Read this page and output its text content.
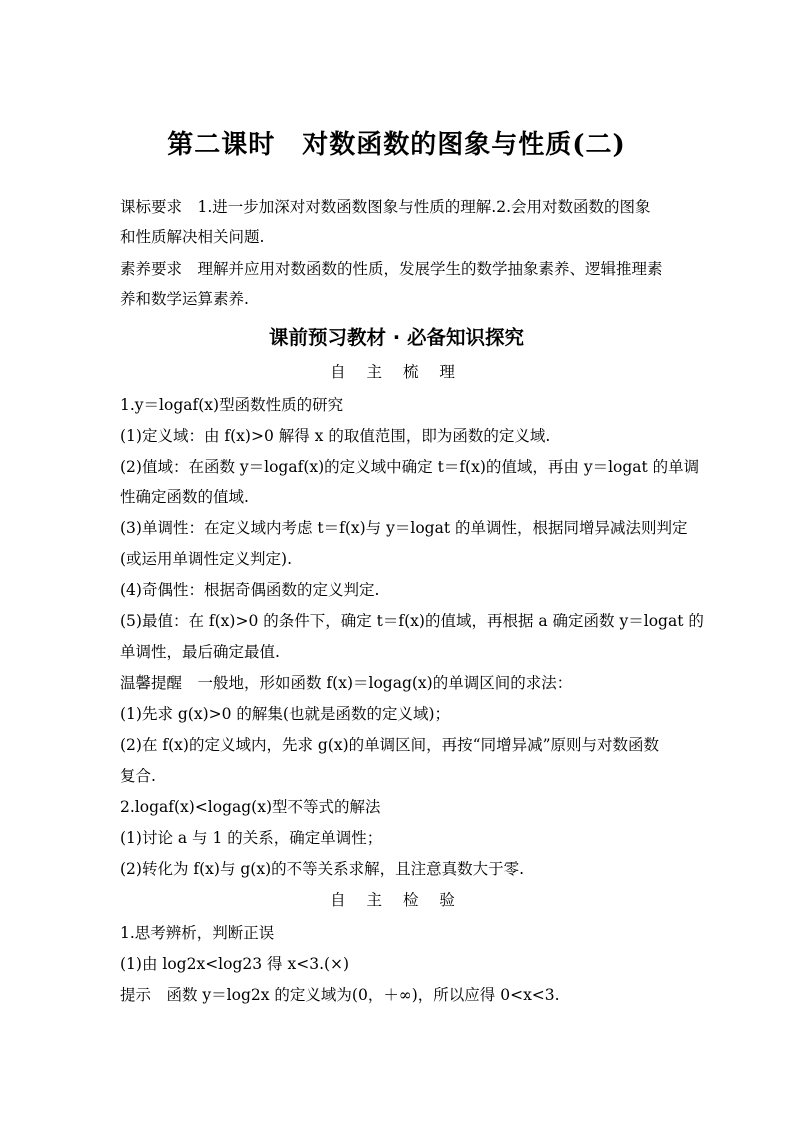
第二课时　对数函数的图象与性质(二)
课标要求　1.进一步加深对对数函数图象与性质的理解.2.会用对数函数的图象
和性质解决相关问题.
素养要求　理解并应用对数函数的性质，发展学生的数学抽象素养、逻辑推理素
养和数学运算素养.
课前预习教材 · 必备知识探究
自 主 梳 理
1.y＝logaf(x)型函数性质的研究
(1)定义域：由 f(x)>0 解得 x 的取值范围，即为函数的定义域.
(2)值域：在函数 y＝logaf(x)的定义域中确定 t＝f(x)的值域，再由 y＝logat 的单调
性确定函数的值域.
(3)单调性：在定义域内考虑 t＝f(x)与 y＝logat 的单调性，根据同增异减法则判定
(或运用单调性定义判定).
(4)奇偶性：根据奇偶函数的定义判定.
(5)最值：在 f(x)>0 的条件下，确定 t＝f(x)的值域，再根据 a 确定函数 y＝logat 的
单调性，最后确定最值.
温馨提醒　一般地，形如函数 f(x)＝logag(x)的单调区间的求法：
(1)先求 g(x)>0 的解集(也就是函数的定义域)；
(2)在 f(x)的定义域内，先求 g(x)的单调区间，再按“同增异减”原则与对数函数
复合.
2.logaf(x)<logag(x)型不等式的解法
(1)讨论 a 与 1 的关系，确定单调性；
(2)转化为 f(x)与 g(x)的不等关系求解，且注意真数大于零.
自 主 检 验
1.思考辨析，判断正误
(1)由 log2x<log23 得 x<3.(×)
提示　函数 y＝log2x 的定义域为(0，＋∞)，所以应得 0<x<3.
